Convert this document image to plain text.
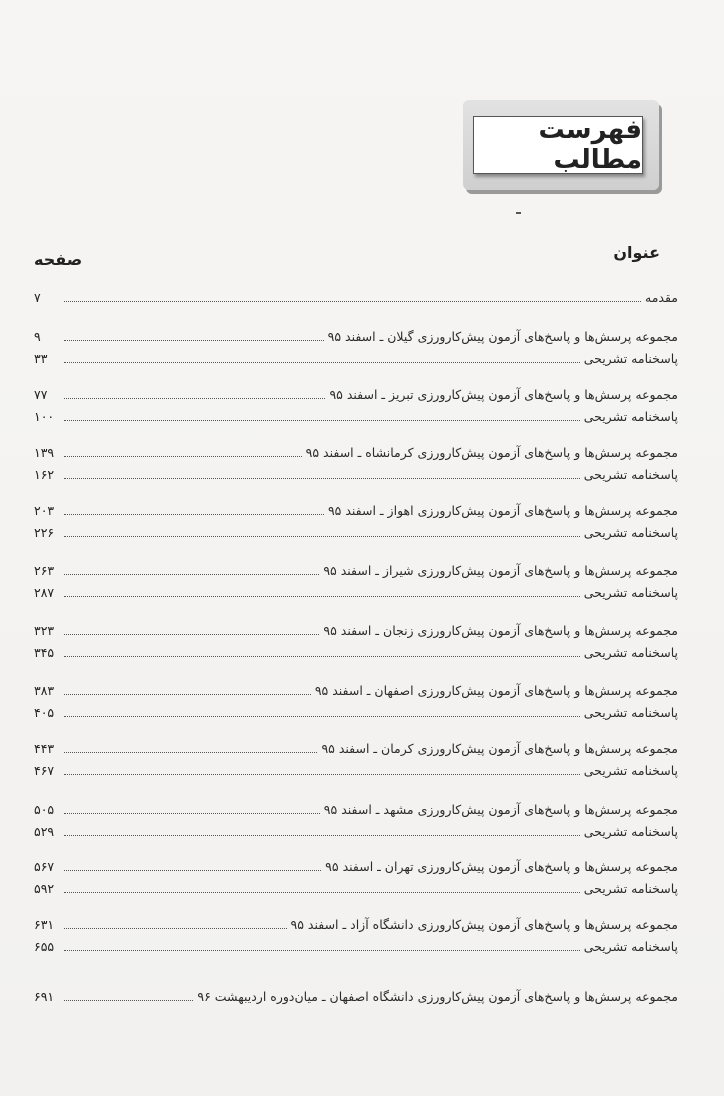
فهرست مطالب
عنوان
صفحه
مقدمه
۷
مجموعه پرسش‌ها و پاسخ‌های آزمون پیش‌کارورزی گیلان ـ اسفند ۹۵
۹
پاسخنامه تشریحی
۳۳
مجموعه پرسش‌ها و پاسخ‌های آزمون پیش‌کارورزی تبریز ـ اسفند ۹۵
۷۷
پاسخنامه تشریحی
۱۰۰
مجموعه پرسش‌ها و پاسخ‌های آزمون پیش‌کارورزی کرمانشاه ـ اسفند ۹۵
۱۳۹
پاسخنامه تشریحی
۱۶۲
مجموعه پرسش‌ها و پاسخ‌های آزمون پیش‌کارورزی اهواز ـ اسفند ۹۵
۲۰۳
پاسخنامه تشریحی
۲۲۶
مجموعه پرسش‌ها و پاسخ‌های آزمون پیش‌کارورزی شیراز ـ اسفند ۹۵
۲۶۳
پاسخنامه تشریحی
۲۸۷
مجموعه پرسش‌ها و پاسخ‌های آزمون پیش‌کارورزی زنجان ـ اسفند ۹۵
۳۲۳
پاسخنامه تشریحی
۳۴۵
مجموعه پرسش‌ها و پاسخ‌های آزمون پیش‌کارورزی اصفهان ـ اسفند ۹۵
۳۸۳
پاسخنامه تشریحی
۴۰۵
مجموعه پرسش‌ها و پاسخ‌های آزمون پیش‌کارورزی کرمان ـ اسفند ۹۵
۴۴۳
پاسخنامه تشریحی
۴۶۷
مجموعه پرسش‌ها و پاسخ‌های آزمون پیش‌کارورزی مشهد ـ اسفند ۹۵
۵۰۵
پاسخنامه تشریحی
۵۲۹
مجموعه پرسش‌ها و پاسخ‌های آزمون پیش‌کارورزی تهران ـ اسفند ۹۵
۵۶۷
پاسخنامه تشریحی
۵۹۲
مجموعه پرسش‌ها و پاسخ‌های آزمون پیش‌کارورزی دانشگاه آزاد ـ اسفند ۹۵
۶۳۱
پاسخنامه تشریحی
۶۵۵
مجموعه پرسش‌ها و پاسخ‌های آزمون پیش‌کارورزی دانشگاه اصفهان ـ میان‌دوره اردیبهشت ۹۶
۶۹۱
